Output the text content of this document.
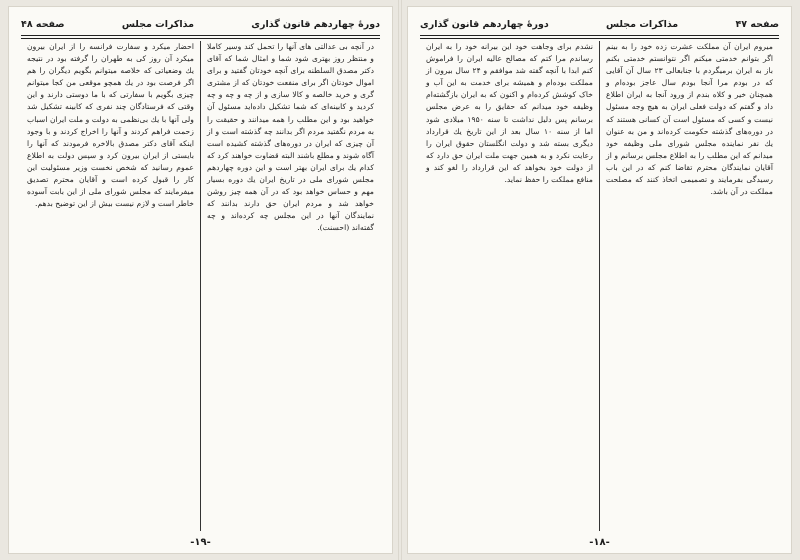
دورهٔ چهاردهم قانون گذاری
مذاکرات مجلس
صفحه ۴۸

در آنچه بی عدالتی های آنها را تحمل کند وسیر کاملا و منتظر روز بهتری شود شما و امثال شما که آقای دکتر مصدق السلطنه برای آنچه خودتان گفتید و برای اموال خودتان اگر برای منفعت خودتان که از مشتری گری و خرید خالصه و کالا سازی و از چه و چه و چه کردید و کابینه‌ای که شما تشکیل داده‌اید مسئول آن خواهید بود و این مطلب را همه میدانند و حقیقت را به مردم نگفتید مردم اگر بدانند چه گذشته است و از آن چیزی که ایران در دوره‌های گذشته کشیده است آگاه شوند و مطلع باشند البته قضاوت خواهند کرد که کدام یك برای ایران بهتر است و این دوره چهاردهم مجلس شورای ملی در تاریخ ایران یك دوره بسیار مهم و حساس خواهد بود که در آن همه چیز روشن خواهد شد و مردم ایران حق دارند بدانند که نمایندگان آنها در این مجلس چه کرده‌اند و چه گفته‌اند (احسنت).

احضار میکرد و سفارت فرانسه را از ایران بیرون میکرد آن روز کی به طهران را گرفته بود در نتیجه یك وضعیاتی که خلاصه میتوانم بگویم دیگران را هم اگر فرصت بود در یك همچو موقعی من کجا میتوانم چیزی بگویم با سفارتی که با ما دوستی دارند و این وقتی که فرستادگان چند نفری که کابینه تشکیل شد ولی آنها با یك بی‌نظمی به دولت و ملت ایران اسباب زحمت فراهم کردند و آنها را اخراج کردند و با وجود اینکه آقای دکتر مصدق بالاخره فرمودند که آنها را بایستی از ایران بیرون کرد و سپس دولت به اطلاع عموم رسانید که شخص نخست وزیر مسئولیت این کار را قبول کرده است و آقایان محترم تصدیق میفرمایند که مجلس شورای ملی از این بابت آسوده خاطر است و لازم نیست بیش از این توضیح بدهم.

-۱۹-
صفحه ۴۷
مذاکرات مجلس
دورهٔ چهاردهم قانون گذاری

میروم ایران آن مملکت عشرت زده خود را به بینم اگر بتوانم خدمتی میکنم اگر نتوانستم خدمتی بکنم باز به ایران برمیگردم با جنابعالی ۲۳ سال آن آقایی که در بودم مرا آنجا بودم سال عاجز بوده‌ام و همچنان خیر و کلاه بندم از ورود آنجا به ایران اطلاع داد و گفتم که دولت فعلی ایران به هیچ وجه مسئول نیست و کسی که مسئول است آن کسانی هستند که در دوره‌های گذشته حکومت کرده‌اند و من به عنوان یك نفر نماینده مجلس شورای ملی وظیفه خود میدانم که این مطلب را به اطلاع مجلس برسانم و از آقایان نمایندگان محترم تقاضا کنم که در این باب رسیدگی بفرمایند و تصمیمی اتخاذ کنند که مصلحت مملکت در آن باشد.

نشدم برای وجاهت خود این بیرانه خود را به ایران رساندم مرا کتم که مصالح عالیه ایران را فراموش کنم ابدا با آنچه گفته شد موافقم و ۲۴ سال بیرون از مملکت بوده‌ام و همیشه برای خدمت به این آب و خاک کوشش کرده‌ام و اکنون که به ایران بازگشته‌ام وظیفه خود میدانم که حقایق را به عرض مجلس برسانم پس دلیل نداشت تا سنه ۱۹۵۰ میلادی شود اما از سنه ۱۰ سال بعد از این تاریخ یك قرارداد دیگری بسته شد و دولت انگلستان حقوق ایران را رعایت نکرد و به همین جهت ملت ایران حق دارد که از دولت خود بخواهد که این قرارداد را لغو کند و منافع مملکت را حفظ نماید.

-۱۸-
